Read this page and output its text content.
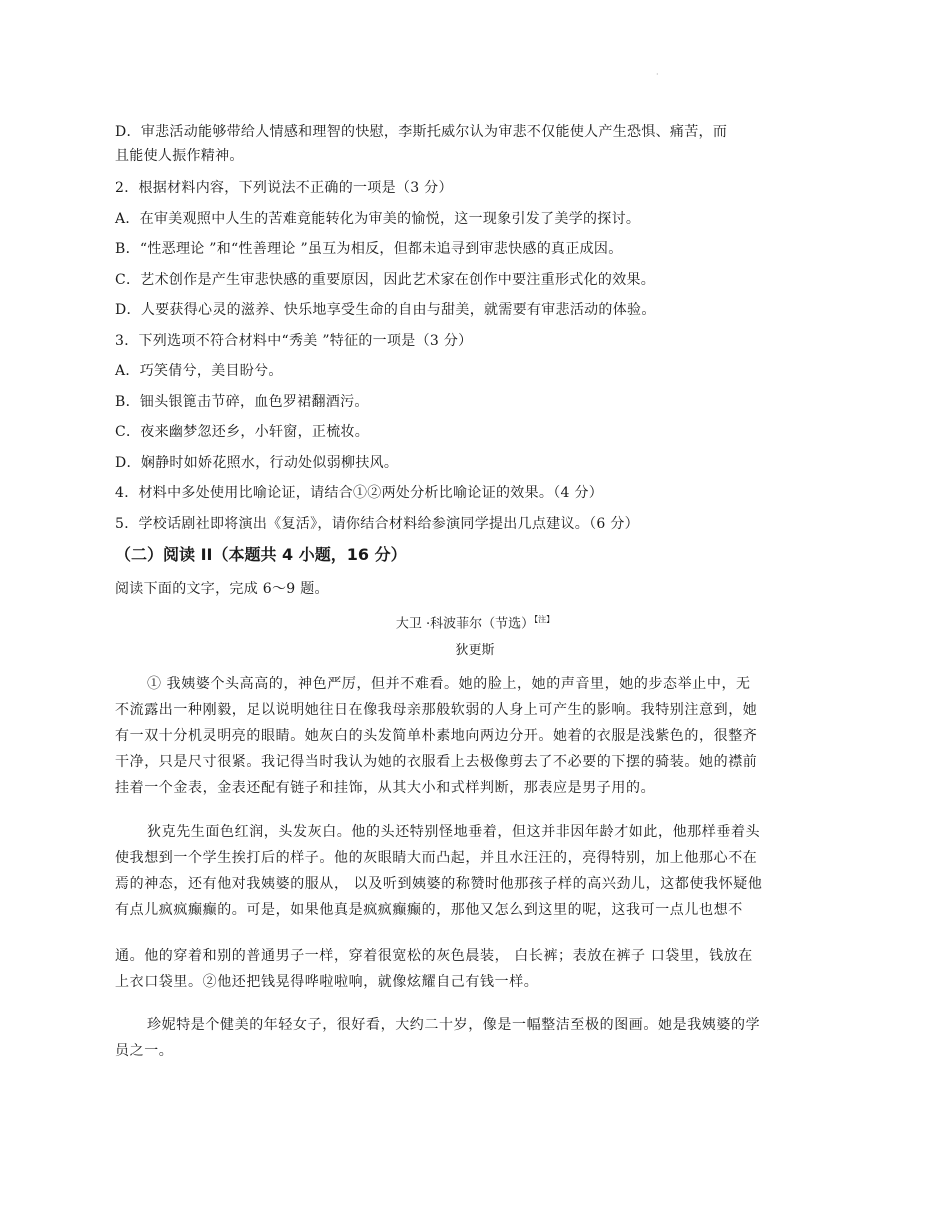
·
D．审悲活动能够带给人情感和理智的快慰，李斯托威尔认为审悲不仅能使人产生恐惧、痛苦，而
且能使人振作精神。
2．根据材料内容，下列说法不正确的一项是（3 分）
A．在审美观照中人生的苦难竟能转化为审美的愉悦，这一现象引发了美学的探讨。
B．“性恶理论 ”和“性善理论 ”虽互为相反，但都未追寻到审悲快感的真正成因。
C．艺术创作是产生审悲快感的重要原因，因此艺术家在创作中要注重形式化的效果。
D．人要获得心灵的滋养、快乐地享受生命的自由与甜美，就需要有审悲活动的体验。
3．下列选项不符合材料中“秀美 ”特征的一项是（3 分）
A．巧笑倩兮，美目盼兮。
B．钿头银篦击节碎，血色罗裙翻酒污。
C．夜来幽梦忽还乡，小轩窗，正梳妆。
D．娴静时如娇花照水，行动处似弱柳扶风。
4．材料中多处使用比喻论证，请结合①②两处分析比喻论证的效果。（4 分）
5．学校话剧社即将演出《复活》，请你结合材料给参演同学提出几点建议。（6 分）
（二）阅读 II（本题共 4 小题，16 分）
阅读下面的文字，完成 6～9 题。
大卫 ·科波菲尔（节选）$^{【注】}$
狄更斯
① 我姨婆个头高高的，神色严厉，但并不难看。她的脸上，她的声音里，她的步态举止中，无
不流露出一种刚毅，足以说明她往日在像我母亲那般软弱的人身上可产生的影响。我特别注意到，她
有一双十分机灵明亮的眼睛。她灰白的头发简单朴素地向两边分开。她着的衣服是浅紫色的，很整齐
干净，只是尺寸很紧。我记得当时我认为她的衣服看上去极像剪去了不必要的下摆的骑装。她的襟前
挂着一个金表，金表还配有链子和挂饰，从其大小和式样判断，那表应是男子用的。
狄克先生面色红润，头发灰白。他的头还特别怪地垂着，但这并非因年龄才如此，他那样垂着头
使我想到一个学生挨打后的样子。他的灰眼睛大而凸起，并且水汪汪的，亮得特别，加上他那心不在
焉的神态，还有他对我姨婆的服从， 以及听到姨婆的称赞时他那孩子样的高兴劲儿，这都使我怀疑他
有点儿疯疯癫癫的。可是，如果他真是疯疯癫癫的，那他又怎么到这里的呢，这我可一点儿也想不
通。他的穿着和别的普通男子一样，穿着很宽松的灰色晨装， 白长裤；表放在裤子 口袋里，钱放在
上衣口袋里。②他还把钱晃得哗啦啦响，就像炫耀自己有钱一样。
珍妮特是个健美的年轻女子，很好看，大约二十岁，像是一幅整洁至极的图画。她是我姨婆的学
员之一。
